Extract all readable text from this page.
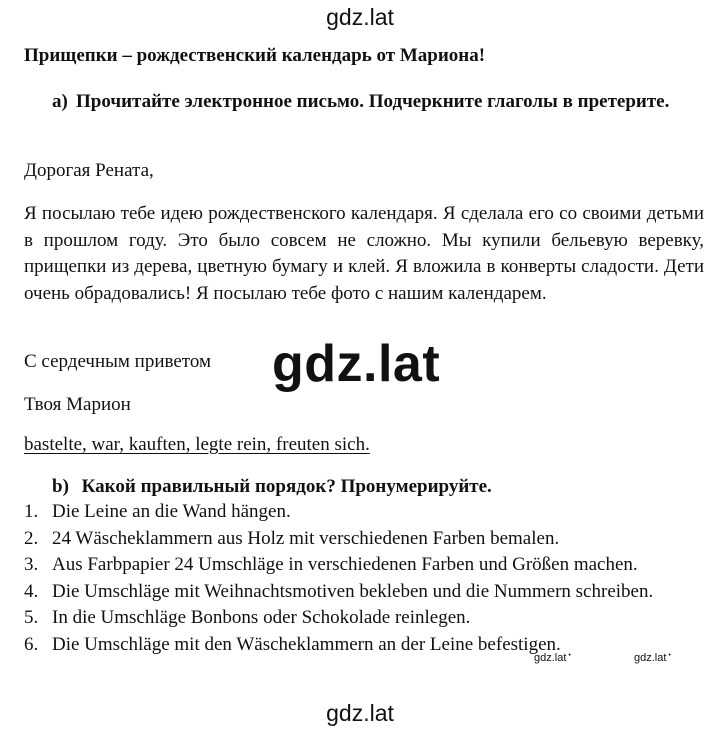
gdz.lat
Прищепки – рождественский календарь от Мариона!
a) Прочитайте электронное письмо. Подчеркните глаголы в претерите.
Дорогая Рената,
Я посылаю тебе идею рождественского календаря. Я сделала его со своими детьми в прошлом году. Это было совсем не сложно. Мы купили бельевую веревку, прищепки из дерева, цветную бумагу и клей. Я вложила в конверты сладости. Дети очень обрадовались! Я посылаю тебе фото с нашим календарем.
С сердечным приветом gdz.lat
Твоя Марион
bastelte, war, kauften, legte rein, freuten sich.
b) Какой правильный порядок? Пронумерируйте.
1. Die Leine an die Wand hängen.
2. 24 Wäscheklammern aus Holz mit verschiedenen Farben bemalen.
3. Aus Farbpapier 24 Umschläge in verschiedenen Farben und Größen machen.
4. Die Umschläge mit Weihnachtsmotiven bekleben und die Nummern schreiben.
5. In die Umschläge Bonbons oder Schokolade reinlegen.
6. Die Umschläge mit den Wäscheklammern an der Leine befestigen.
gdz.lat •	gdz.lat •
gdz.lat
